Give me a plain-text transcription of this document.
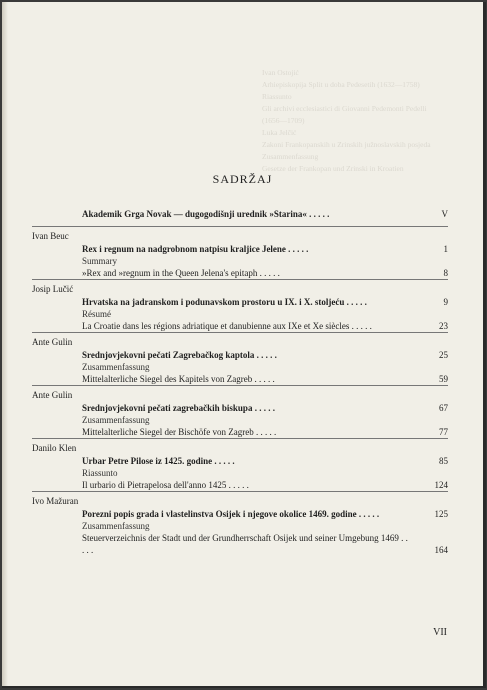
Ivan Ostojić
Arhiepiskopija Split u doba Pedesetih (1632—1758)
Riassunto
Gli archivi ecclesiastici di Giovanni Pedemonti Pedelli
(1656—1709)
Luka Jelčić
Zakoni Frankopanskih u Zrinskih južnoslavskih posjeda
Zusammenfassung
Gesetze der Frankopan und Zrinski in Kroatien
SADRŽAJ
Akademik Grga Novak — dugogodišnji urednik »Starina« . . . . .	V
Ivan Beuc
Rex i regnum na nadgrobnom natpisu kraljice Jelene . . . . .	1
Summary
»Rex and »regnum in the Queen Jelena's epitaph . . . . .	8
Josip Lučić
Hrvatska na jadranskom i podunavskom prostoru u IX. i X. stoljeću . . . . .	9
Résumé
La Croatie dans les régions adriatique et danubienne aux IXe et Xe siècles . . . . .	23
Ante Gulin
Srednjovjekovni pečati Zagrebačkog kaptola . . . . .	25
Zusammenfassung
Mittelalterliche Siegel des Kapitels von Zagreb . . . . .	59
Ante Gulin
Srednjovjekovni pečati zagrebačkih biskupa . . . . .	67
Zusammenfassung
Mittelalterliche Siegel der Bischöfe von Zagreb . . . . .	77
Danilo Klen
Urbar Petre Pilose iz 1425. godine . . . . .	85
Riassunto
Il urbario di Pietrapelosa dell'anno 1425 . . . . .	124
Ivo Mažuran
Porezni popis grada i vlastelinstva Osijek i njegove okolice 1469. godine . . . . .	125
Zusammenfassung
Steuerverzeichnis der Stadt und der Grundherrschaft Osijek und seiner Umgebung 1469 . . . . .	164
VII
